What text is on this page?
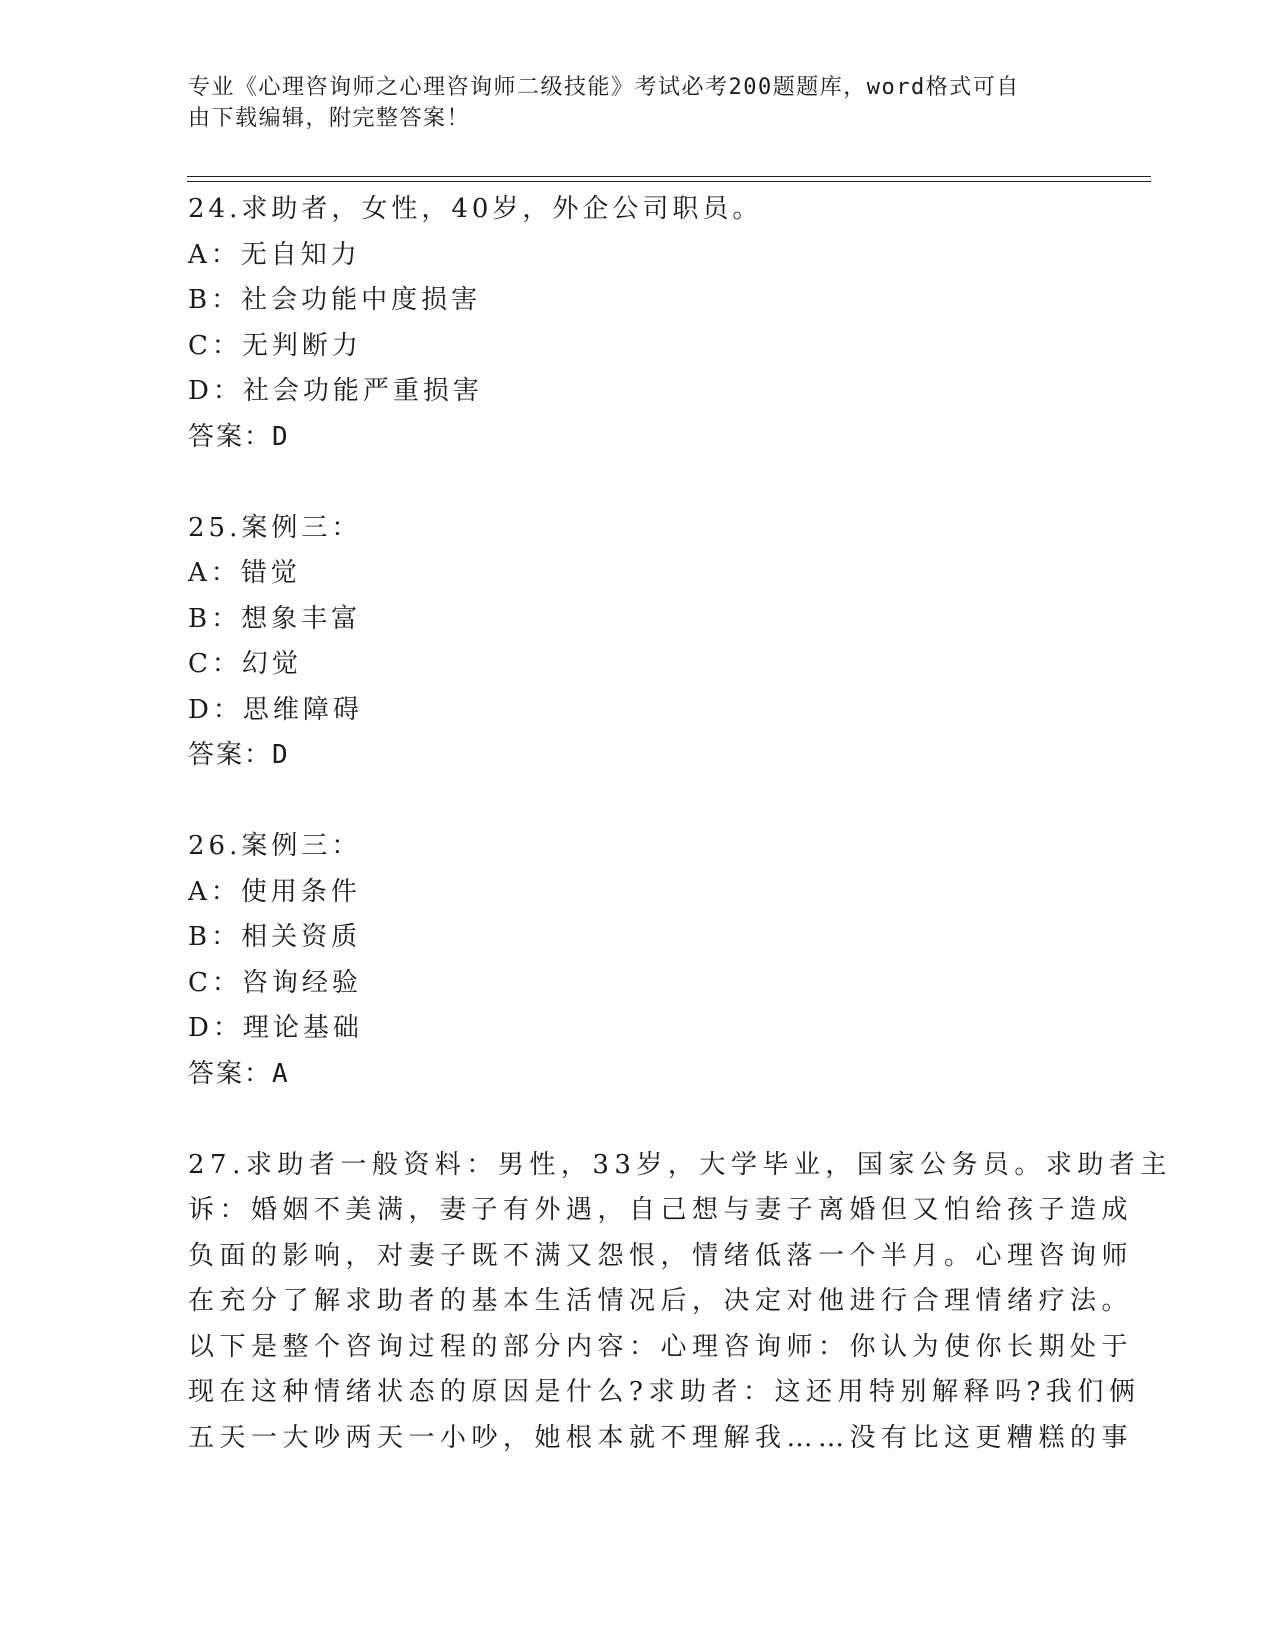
专业《心理咨询师之心理咨询师二级技能》考试必考200题题库，word格式可自
由下载编辑，附完整答案！
24.求助者，女性，40岁，外企公司职员。
A：无自知力
B：社会功能中度损害
C：无判断力
D：社会功能严重损害
答案：D
25.案例三：
A：错觉
B：想象丰富
C：幻觉
D：思维障碍
答案：D
26.案例三：
A：使用条件
B：相关资质
C：咨询经验
D：理论基础
答案：A
27.求助者一般资料：男性，33岁，大学毕业，国家公务员。求助者主
诉：婚姻不美满，妻子有外遇，自己想与妻子离婚但又怕给孩子造成
负面的影响，对妻子既不满又怨恨，情绪低落一个半月。心理咨询师
在充分了解求助者的基本生活情况后，决定对他进行合理情绪疗法。
以下是整个咨询过程的部分内容：心理咨询师：你认为使你长期处于
现在这种情绪状态的原因是什么?求助者：这还用特别解释吗?我们俩
五天一大吵两天一小吵，她根本就不理解我……没有比这更糟糕的事
